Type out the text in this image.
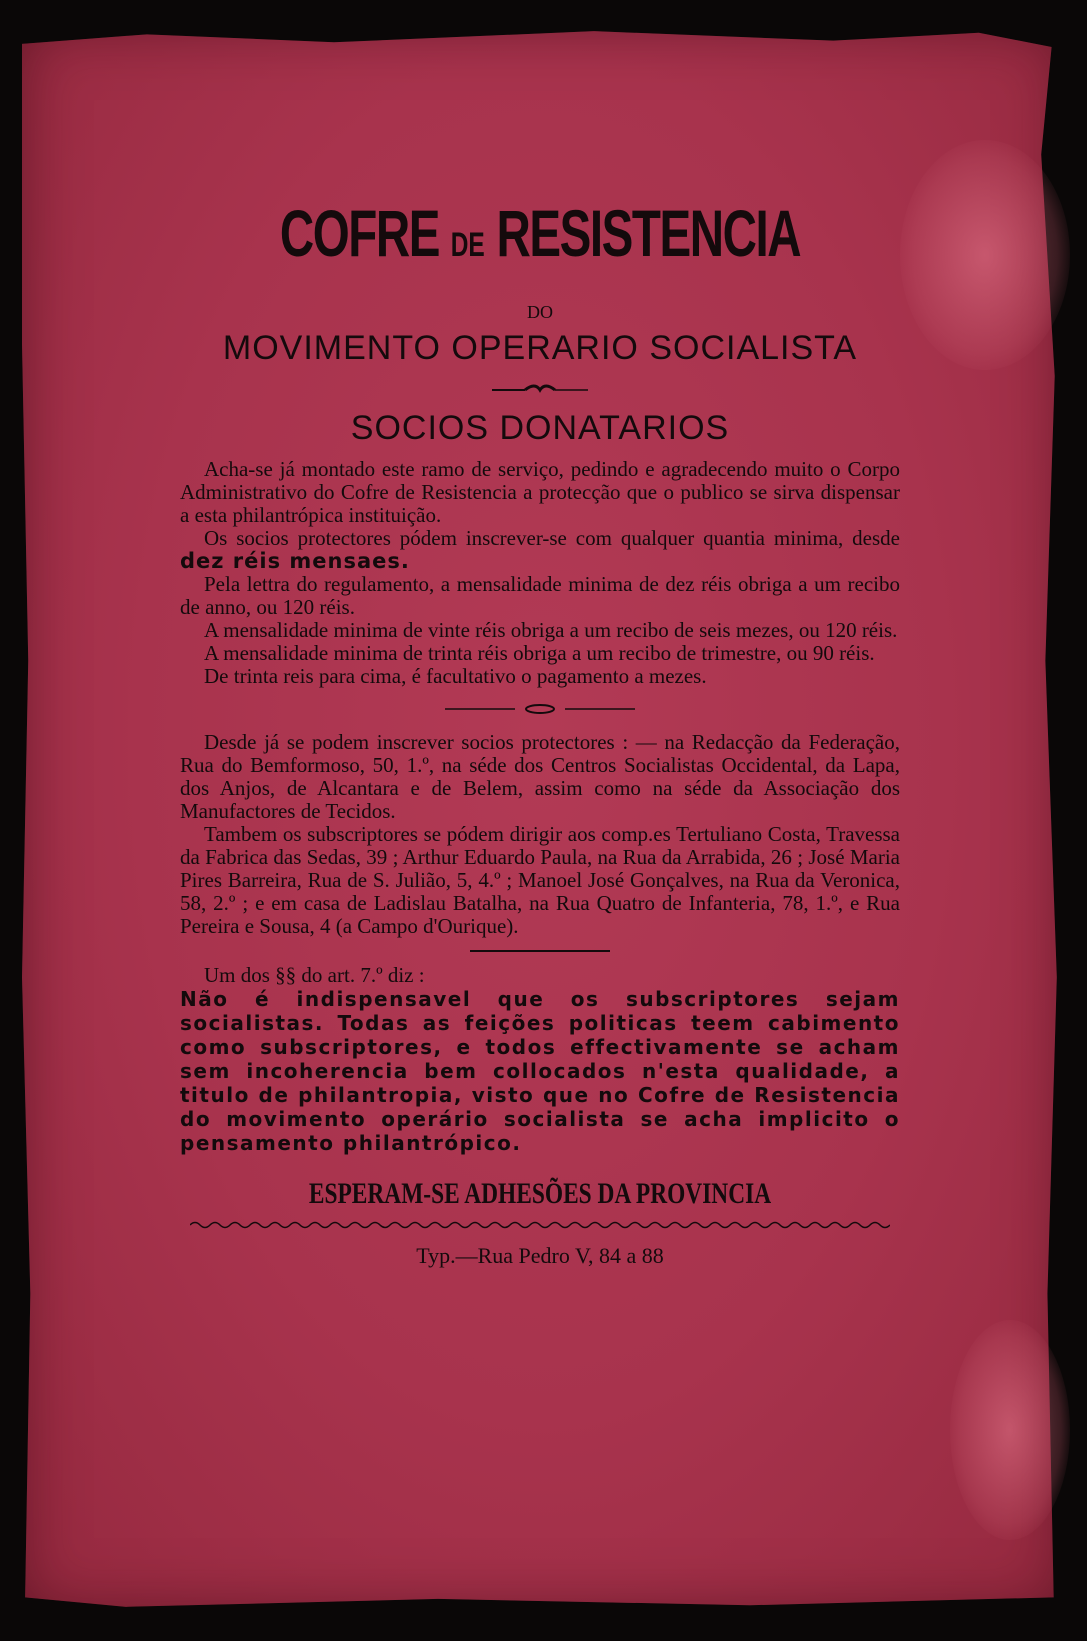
COFRE DE RESISTENCIA
DO
MOVIMENTO OPERARIO SOCIALISTA
SOCIOS DONATARIOS

Acha-se já montado este ramo de serviço, pedindo e agradecendo muito o Corpo Administrativo do Cofre de Resistencia a protecção que o publico se sirva dispensar a esta philantrópica instituição.

Os socios protectores pódem inscrever-se com qualquer quantia minima, desde dez réis mensaes.

Pela lettra do regulamento, a mensalidade minima de dez réis obriga a um recibo de anno, ou 120 réis.

A mensalidade minima de vinte réis obriga a um recibo de seis mezes, ou 120 réis.

A mensalidade minima de trinta réis obriga a um recibo de trimestre, ou 90 réis.

De trinta reis para cima, é facultativo o pagamento a mezes.

Desde já se podem inscrever socios protectores : — na Redacção da Federação, Rua do Bemformoso, 50, 1.º, na séde dos Centros Socialistas Occidental, da Lapa, dos Anjos, de Alcantara e de Belem, assim como na séde da Associação dos Manufactores de Tecidos.

Tambem os subscriptores se pódem dirigir aos comp.es Tertuliano Costa, Travessa da Fabrica das Sedas, 39 ; Arthur Eduardo Paula, na Rua da Arrabida, 26 ; José Maria Pires Barreira, Rua de S. Julião, 5, 4.º ; Manoel José Gonçalves, na Rua da Veronica, 58, 2.º ; e em casa de Ladislau Batalha, na Rua Quatro de Infanteria, 78, 1.º, e Rua Pereira e Sousa, 4 (a Campo d'Ourique).

Um dos §§ do art. 7.º diz :

Não é indispensavel que os subscriptores sejam socialistas. Todas as feições politicas teem cabimento como subscriptores, e todos effectivamente se acham sem incoherencia bem collocados n'esta qualidade, a titulo de philantropia, visto que no Cofre de Resistencia do movimento operário socialista se acha implicito o pensamento philantrópico.
ESPERAM-SE ADHESÕES DA PROVINCIA
Typ.—Rua Pedro V, 84 a 88
